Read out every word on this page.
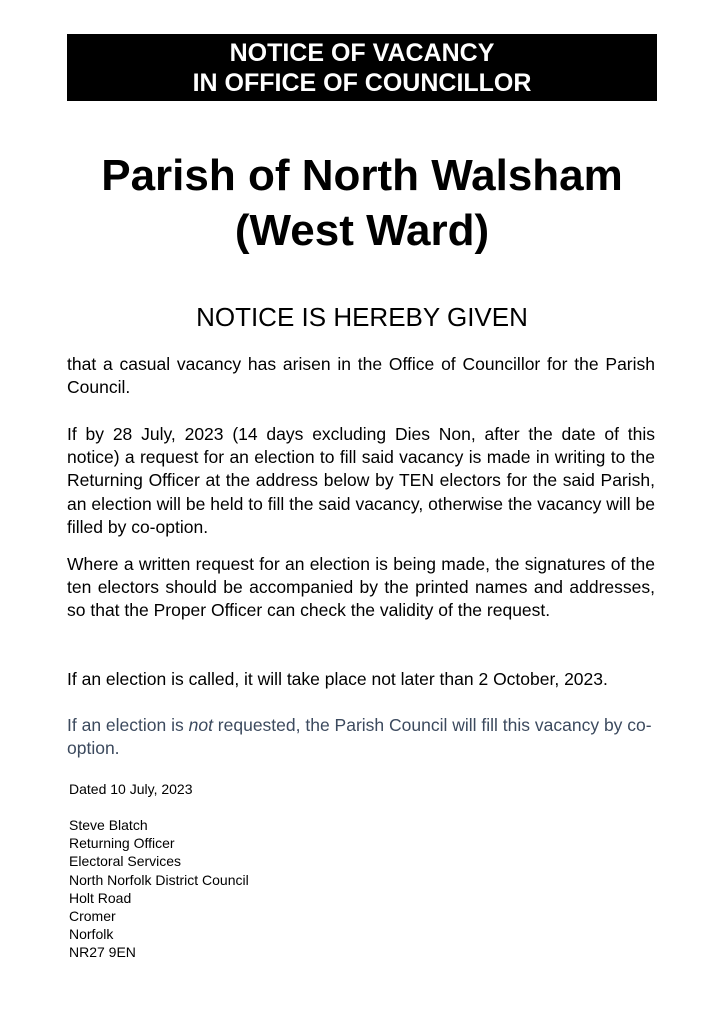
NOTICE OF VACANCY
IN OFFICE OF COUNCILLOR
Parish of North Walsham
(West Ward)
NOTICE IS HEREBY GIVEN

that a casual vacancy has arisen in the Office of Councillor for the Parish Council.

If by 28 July, 2023 (14 days excluding Dies Non, after the date of this notice) a request for an election to fill said vacancy is made in writing to the Returning Officer at the address below by TEN electors for the said Parish, an election will be held to fill the said vacancy, otherwise the vacancy will be filled by co-option.

Where a written request for an election is being made, the signatures of the ten electors should be accompanied by the printed names and addresses, so that the Proper Officer can check the validity of the request.

If an election is called, it will take place not later than 2 October, 2023.

If an election is not requested, the Parish Council will fill this vacancy by co-option.

Dated 10 July, 2023
Steve Blatch
Returning Officer
Electoral Services
North Norfolk District Council
Holt Road
Cromer
Norfolk
NR27 9EN
